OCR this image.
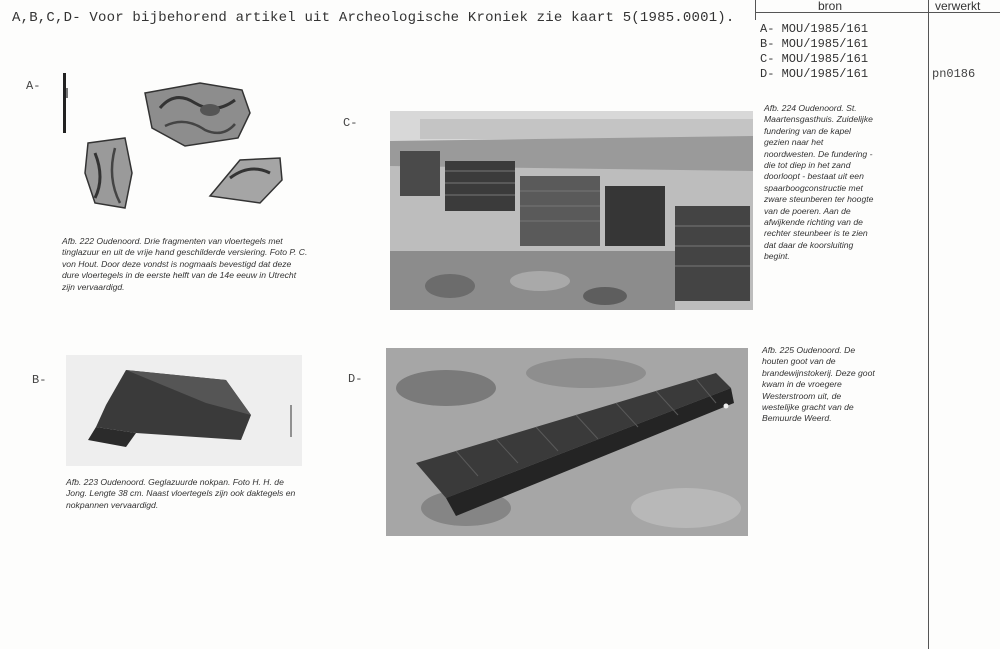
A,B,C,D- Voor bijbehorend artikel uit Archeologische Kroniek zie kaart 5(1985.0001).
A-
B-
C-
D-
Afb. 222 Oudenoord. Drie fragmenten van vloertegels met tinglazuur en uit de vrije hand geschilderde versiering. Foto P. C. von Hout. Door deze vondst is nogmaals bevestigd dat deze dure vloertegels in de eerste helft van de 14e eeuw in Utrecht zijn vervaardigd.
Afb. 223 Oudenoord. Geglazuurde nokpan. Foto H. H. de Jong. Lengte 38 cm. Naast vloertegels zijn ook daktegels en nokpannen vervaardigd.
Afb. 224 Oudenoord. St. Maartensgasthuis. Zuidelijke fundering van de kapel gezien naar het noordwesten. De fundering - die tot diep in het zand doorloopt - bestaat uit een spaarboogconstructie met zware steunberen ter hoogte van de poeren. Aan de afwijkende richting van de rechter steunbeer is te zien dat daar de koorsluiting begint.
Afb. 225 Oudenoord. De houten goot van de brandewijnstokerij. Deze goot kwam in de vroegere Westerstroom uit, de westelijke gracht van de Bemuurde Weerd.
bron	verwerkt
A- MOU/1985/161
B- MOU/1985/161
C- MOU/1985/161
D- MOU/1985/161	pn0186
